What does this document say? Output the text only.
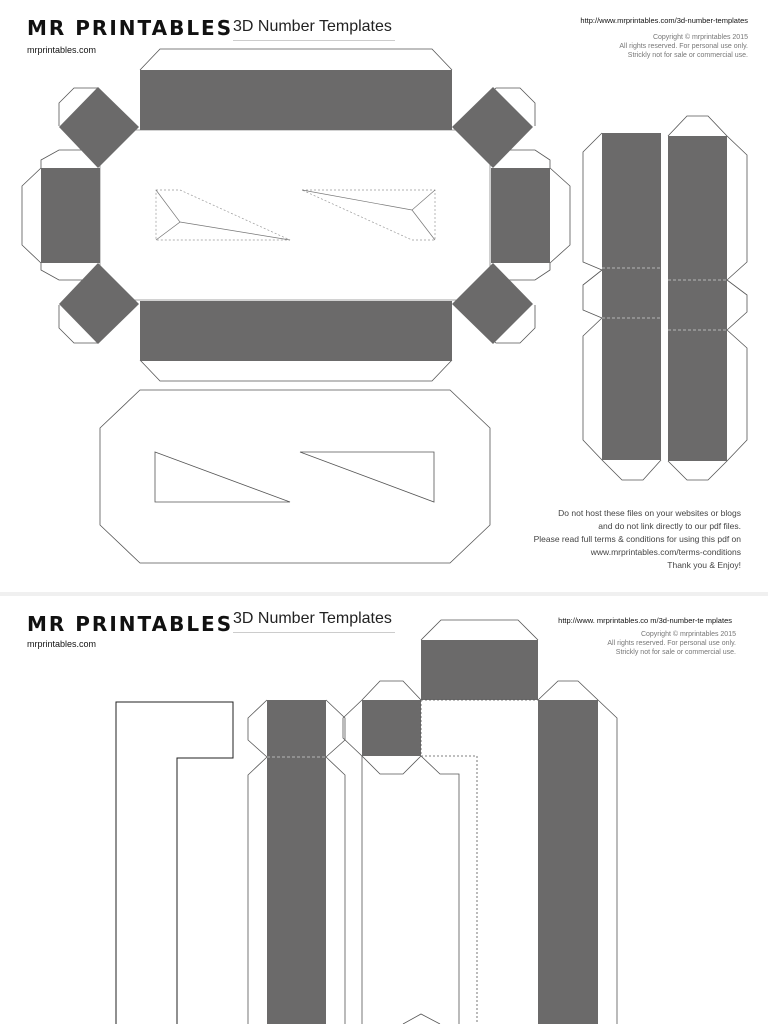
MR PRINTABLES
mrprintables.com
3D Number Templates	http://www.mrprintables.com/3d-number-templates
Copyright © mrprintables 2015
All rights reserved. For personal use only.
Strickly not for sale or commercial use.
Do not host these files on your websites or blogs
and do not link directly to our pdf files.
Please read full terms & conditions for using this pdf on
www.mrprintables.com/terms-conditions
Thank you & Enjoy!
MR PRINTABLES
mrprintables.com
3D Number Templates	http://www. mrprintables.co m/3d-number-te mplates
Copyright © mrprintables 2015
All rights reserved. For personal use only.
Strickly not for sale or commercial use.
